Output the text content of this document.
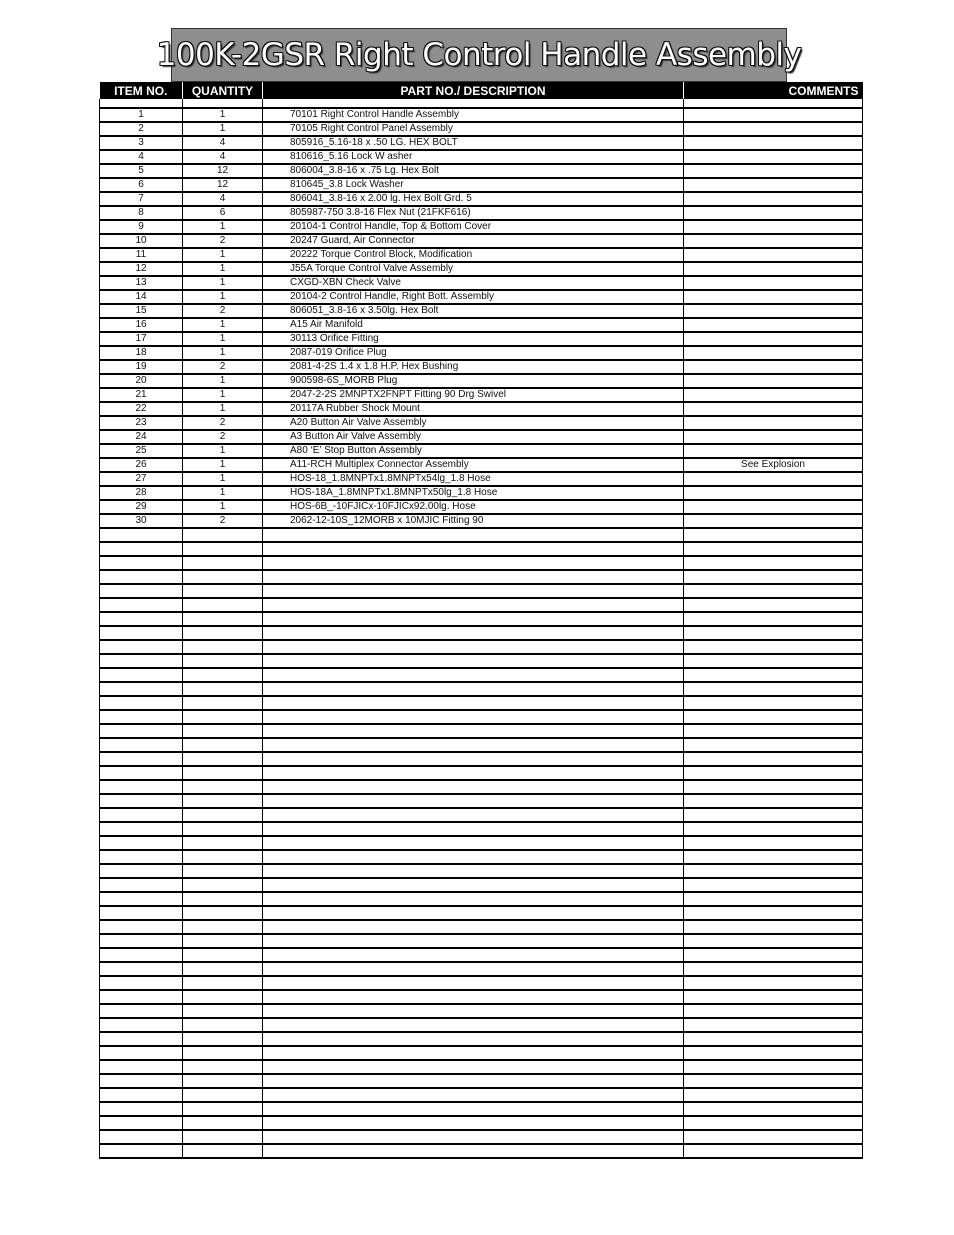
100K-2GSR Right Control Handle Assembly
ITEM NO.	QUANTITY	PART NO./ DESCRIPTION	COMMENTS

1	1	70101 Right Control Handle Assembly	
2	1	70105 Right Control Panel Assembly	
3	4	805916_5.16-18 x .50 LG. HEX BOLT	
4	4	810616_5.16 Lock W asher	
5	12	806004_3.8-16 x .75 Lg. Hex Bolt	
6	12	810645_3.8 Lock Washer	
7	4	806041_3.8-16 x 2.00 lg. Hex Bolt Grd. 5	
8	6	805987-750 3.8-16 Flex Nut (21FKF616)	
9	1	20104-1 Control Handle, Top & Bottom Cover	
10	2	20247 Guard, Air Connector	
11	1	20222 Torque Control Block, Modification	
12	1	J55A Torque Control Valve Assembly	
13	1	CXGD-XBN Check Valve	
14	1	20104-2 Control Handle, Right Bott. Assembly	
15	2	806051_3.8-16 x 3.50lg. Hex Bolt	
16	1	A15 Air Manifold	
17	1	30113 Orifice Fitting	
18	1	2087-019 Orifice Plug	
19	2	2081-4-2S 1.4 x 1.8 H.P. Hex Bushing	
20	1	900598-6S_MORB Plug	
21	1	2047-2-2S 2MNPTX2FNPT Fitting 90 Drg Swivel	
22	1	20117A Rubber Shock Mount	
23	2	A20 Button Air Valve Assembly	
24	2	A3 Button Air Valve Assembly	
25	1	A80 ‘E’ Stop Button Assembly	
26	1	A11-RCH Multiplex Connector Assembly	See Explosion
27	1	HOS-18_1.8MNPTx1.8MNPTx54lg_1.8 Hose	
28	1	HOS-18A_1.8MNPTx1.8MNPTx50lg_1.8 Hose	
29	1	HOS-6B_-10FJICx-10FJICx92.00lg. Hose	
30	2	2062-12-10S_12MORB x 10MJIC Fitting 90	
